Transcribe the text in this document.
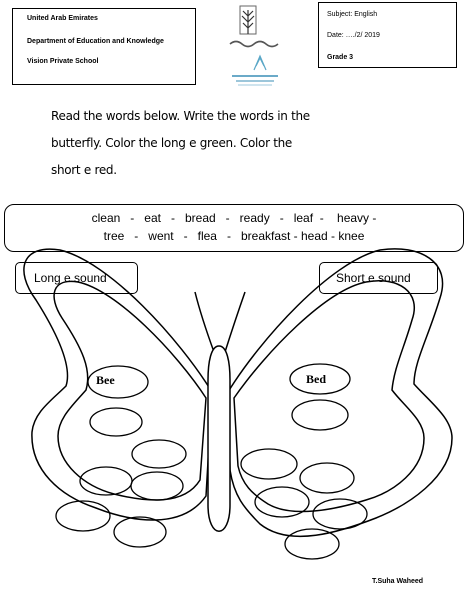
United Arab Emirates
Department of Education and Knowledge
Vision Private School
Subject: English
Date: …./2/ 2019
Grade 3
Read the words below. Write the words in the
butterfly. Color the long e green. Color the
short e red.
clean   -   eat   -   bread   -   ready   -   leaf  -    heavy -
tree   -   went   -   flea   -   breakfast - head - knee
Long e sound	Short e sound
Bee	Bed
T.Suha Waheed
